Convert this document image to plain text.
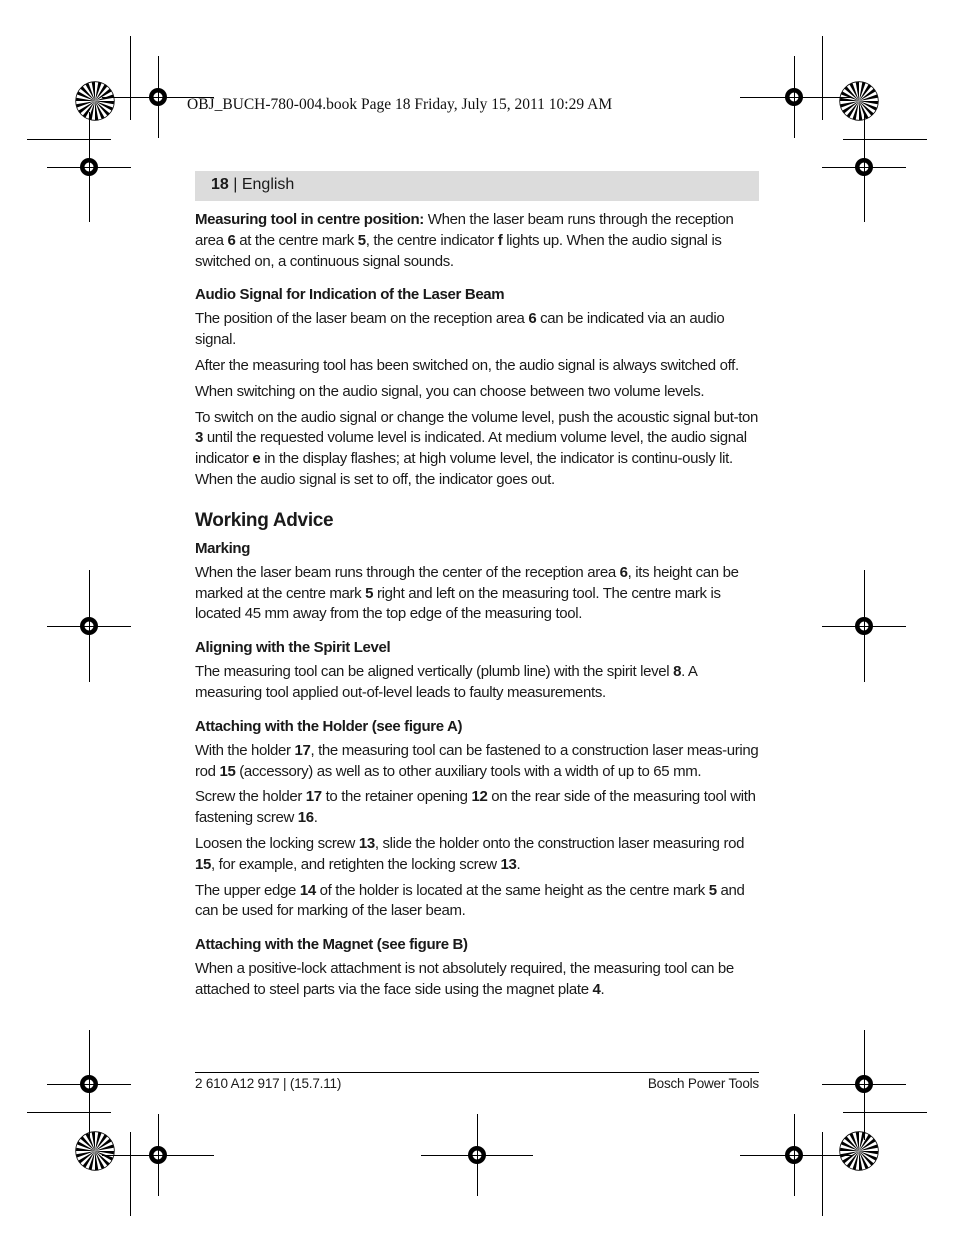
OBJ_BUCH-780-004.book Page 18 Friday, July 15, 2011 10:29 AM
18 | English

Measuring tool in centre position: When the laser beam runs through the reception area 6 at the centre mark 5, the centre indicator f lights up. When the audio signal is switched on, a continuous signal sounds.

Audio Signal for Indication of the Laser Beam

The position of the laser beam on the reception area 6 can be indicated via an audio signal.

After the measuring tool has been switched on, the audio signal is always switched off.

When switching on the audio signal, you can choose between two volume levels.

To switch on the audio signal or change the volume level, push the acoustic signal but-ton 3 until the requested volume level is indicated. At medium volume level, the audio signal indicator e in the display flashes; at high volume level, the indicator is continu-ously lit. When the audio signal is set to off, the indicator goes out.

Working Advice
Marking

When the laser beam runs through the center of the reception area 6, its height can be marked at the centre mark 5 right and left on the measuring tool. The centre mark is located 45 mm away from the top edge of the measuring tool.

Aligning with the Spirit Level

The measuring tool can be aligned vertically (plumb line) with the spirit level 8. A measuring tool applied out-of-level leads to faulty measurements.

Attaching with the Holder (see figure A)

With the holder 17, the measuring tool can be fastened to a construction laser meas-uring rod 15 (accessory) as well as to other auxiliary tools with a width of up to 65 mm.

Screw the holder 17 to the retainer opening 12 on the rear side of the measuring tool with fastening screw 16.

Loosen the locking screw 13, slide the holder onto the construction laser measuring rod 15, for example, and retighten the locking screw 13.

The upper edge 14 of the holder is located at the same height as the centre mark 5 and can be used for marking of the laser beam.

Attaching with the Magnet (see figure B)

When a positive-lock attachment is not absolutely required, the measuring tool can be attached to steel parts via the face side using the magnet plate 4.

2 610 A12 917 | (15.7.11)	Bosch Power Tools
